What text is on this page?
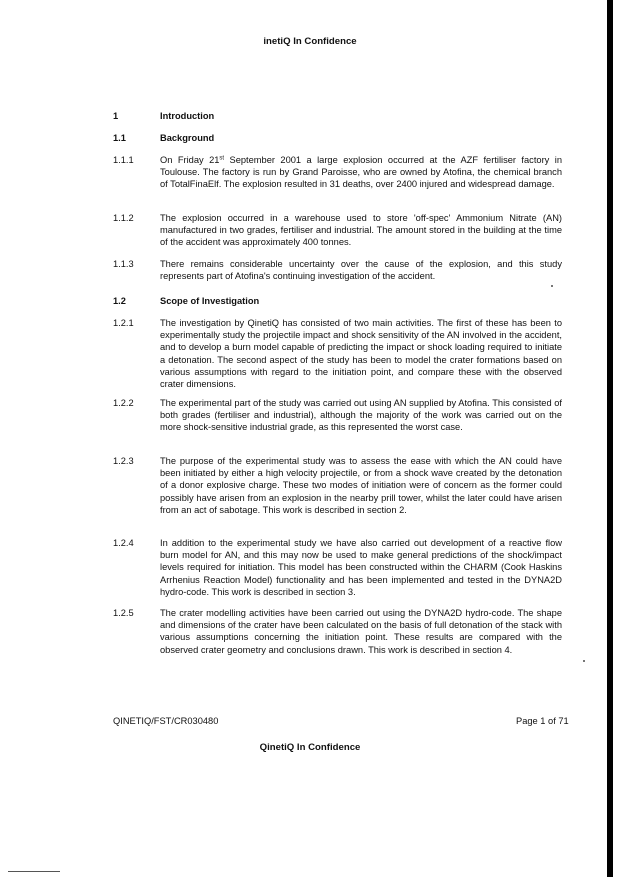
inetiQ In Confidence
1	Introduction
1.1	Background
1.1.1	On Friday 21st September 2001 a large explosion occurred at the AZF fertiliser factory in Toulouse. The factory is run by Grand Paroisse, who are owned by Atofina, the chemical branch of TotalFinaElf. The explosion resulted in 31 deaths, over 2400 injured and widespread damage.
1.1.2	The explosion occurred in a warehouse used to store 'off-spec' Ammonium Nitrate (AN) manufactured in two grades, fertiliser and industrial. The amount stored in the building at the time of the accident was approximately 400 tonnes.
1.1.3	There remains considerable uncertainty over the cause of the explosion, and this study represents part of Atofina's continuing investigation of the accident.
1.2	Scope of Investigation
1.2.1	The investigation by QinetiQ has consisted of two main activities. The first of these has been to experimentally study the projectile impact and shock sensitivity of the AN involved in the accident, and to develop a burn model capable of predicting the impact or shock loading required to initiate a detonation. The second aspect of the study has been to model the crater formations based on various assumptions with regard to the initiation point, and compare these with the observed crater dimensions.
1.2.2	The experimental part of the study was carried out using AN supplied by Atofina. This consisted of both grades (fertiliser and industrial), although the majority of the work was carried out on the more shock-sensitive industrial grade, as this represented the worst case.
1.2.3	The purpose of the experimental study was to assess the ease with which the AN could have been initiated by either a high velocity projectile, or from a shock wave created by the detonation of a donor explosive charge. These two modes of initiation were of concern as the former could possibly have arisen from an explosion in the nearby prill tower, whilst the later could have arisen from an act of sabotage. This work is described in section 2.
1.2.4	In addition to the experimental study we have also carried out development of a reactive flow burn model for AN, and this may now be used to make general predictions of the shock/impact levels required for initiation. This model has been constructed within the CHARM (Cook Haskins Arrhenius Reaction Model) functionality and has been implemented and tested in the DYNA2D hydro-code. This work is described in section 3.
1.2.5	The crater modelling activities have been carried out using the DYNA2D hydro-code. The shape and dimensions of the crater have been calculated on the basis of full detonation of the stack with various assumptions concerning the initiation point. These results are compared with the observed crater geometry and conclusions drawn. This work is described in section 4.
QINETIQ/FST/CR030480	Page 1 of 71
QinetiQ In Confidence
